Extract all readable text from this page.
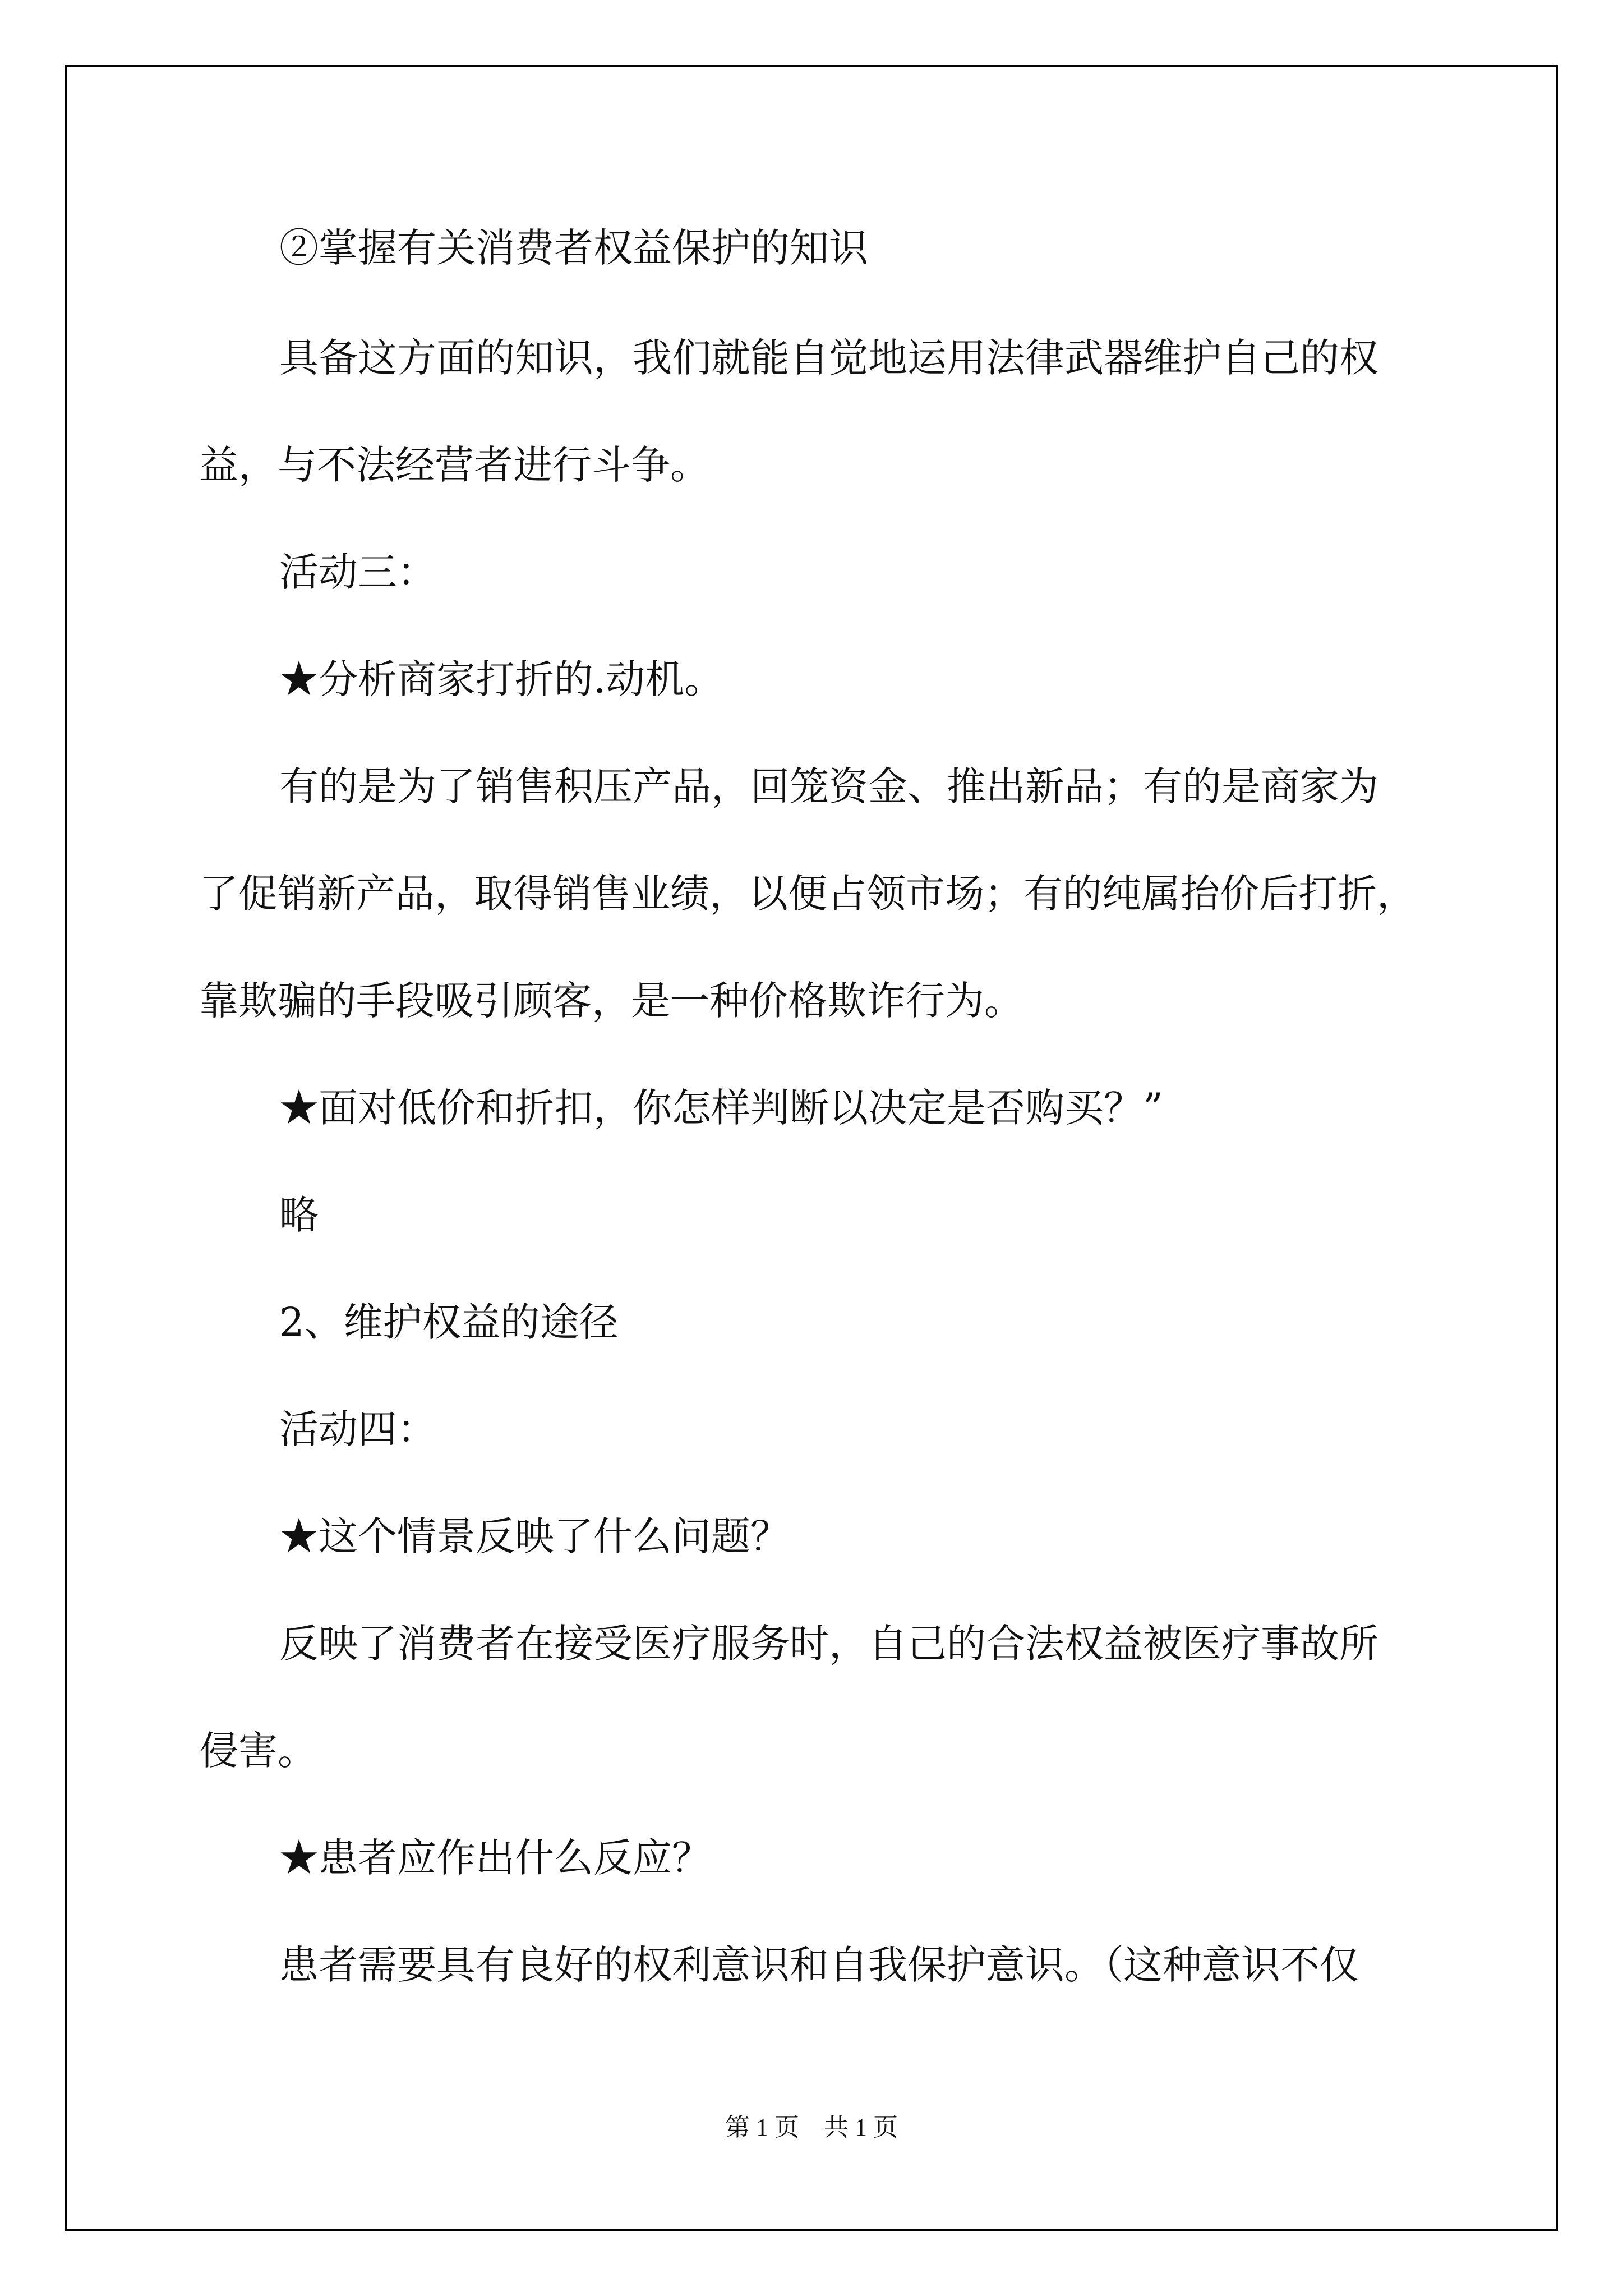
②掌握有关消费者权益保护的知识
具备这方面的知识，我们就能自觉地运用法律武器维护自己的权
益，与不法经营者进行斗争。
活动三：
★分析商家打折的.动机。
有的是为了销售积压产品，回笼资金、推出新品；有的是商家为
了促销新产品，取得销售业绩，以便占领市场；有的纯属抬价后打折，
靠欺骗的手段吸引顾客，是一种价格欺诈行为。
★面对低价和折扣，你怎样判断以决定是否购买？”
略
2、维护权益的途径
活动四：
★这个情景反映了什么问题？
反映了消费者在接受医疗服务时，自己的合法权益被医疗事故所
侵害。
★患者应作出什么反应？
患者需要具有良好的权利意识和自我保护意识。（这种意识不仅
第 1 页    共 1 页
